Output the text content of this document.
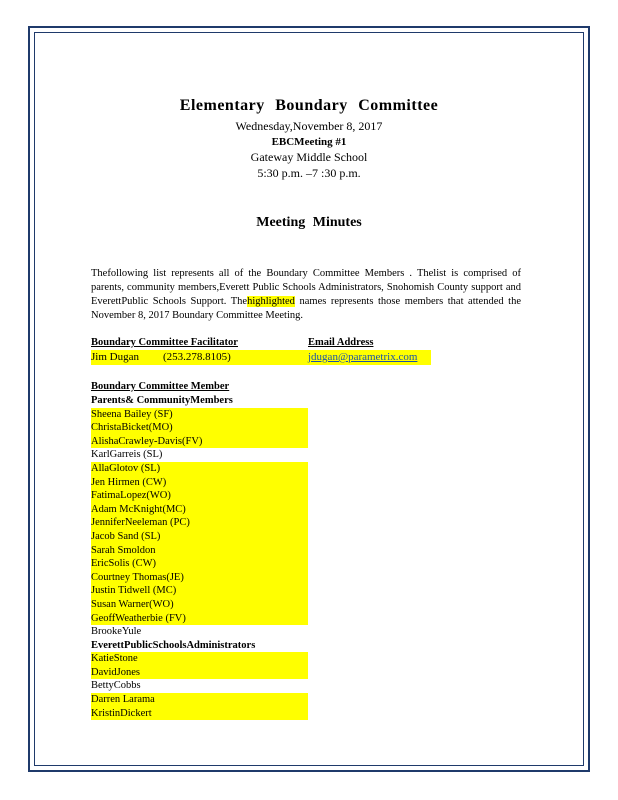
Elementary Boundary Committee
Wednesday,November 8, 2017
EBCMeeting #1
Gateway Middle School
5:30 p.m. –7 :30 p.m.
Meeting Minutes
Thefollowing list represents all of the Boundary Committee Members . Thelist is comprised of parents, community members,Everett Public Schools Administrators, Snohomish County support and EverettPublic Schools Support. Thehighlighted names represents those members that attended the November 8, 2017 Boundary Committee Meeting.
Boundary Committee Facilitator	Email Address
Jim Dugan (253.278.8105)	jdugan@parametrix.com
Boundary Committee Member
Parents& CommunityMembers
Sheena Bailey (SF)
ChristaBicket(MO)
AlishaCrawley-Davis(FV)
KarlGarreis (SL)
AllaGlotov (SL)
Jen Hirmen (CW)
FatimaLopez(WO)
Adam McKnight(MC)
JenniferNeeleman (PC)
Jacob Sand (SL)
Sarah Smoldon
EricSolis (CW)
Courtney Thomas(JE)
Justin Tidwell (MC)
Susan Warner(WO)
GeoffWeatherbie (FV)
BrookeYule
EverettPublicSchoolsAdministrators
KatieStone
DavidJones
BettyCobbs
Darren Larama
KristinDickert
